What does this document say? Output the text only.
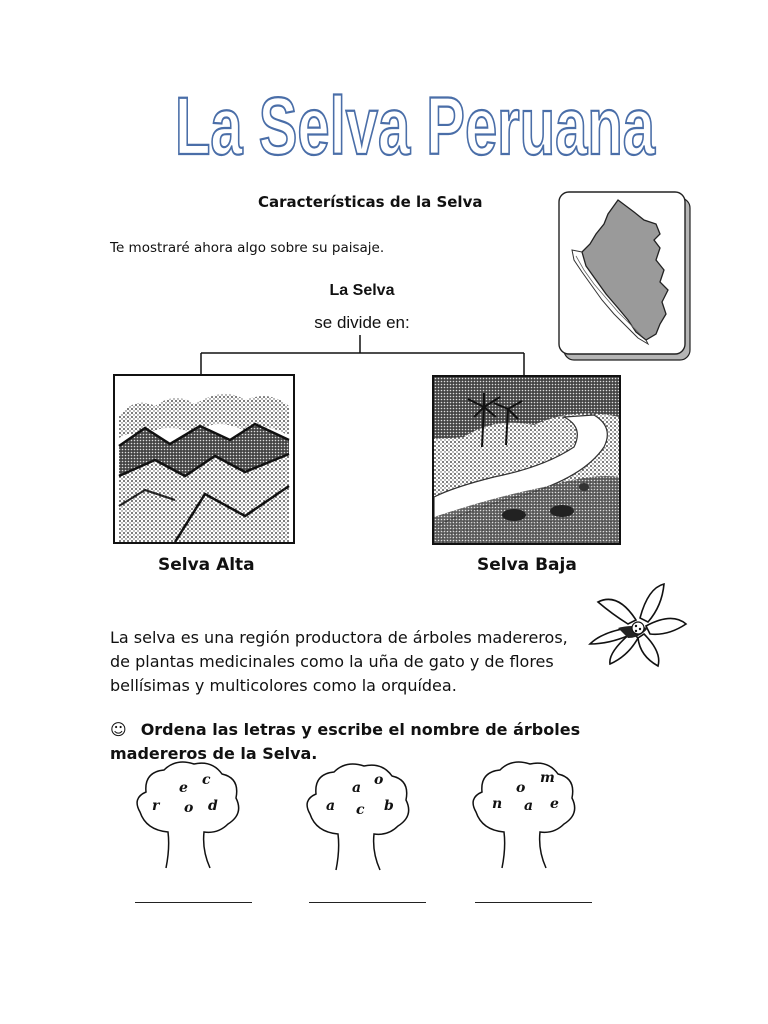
La Selva Peruana
Características de la Selva
Te mostraré ahora algo sobre su paisaje.
La Selva
se divide en:
Selva Alta	Selva Baja
La selva es una región productora de árboles madereros,
de plantas medicinales como la uña de gato y de flores
bellísimas y multicolores como la orquídea.
☺ Ordena las letras y escribe el nombre de árboles
madereros de la Selva.
e c
r o d
o
a
a c b
o
m
n a e
